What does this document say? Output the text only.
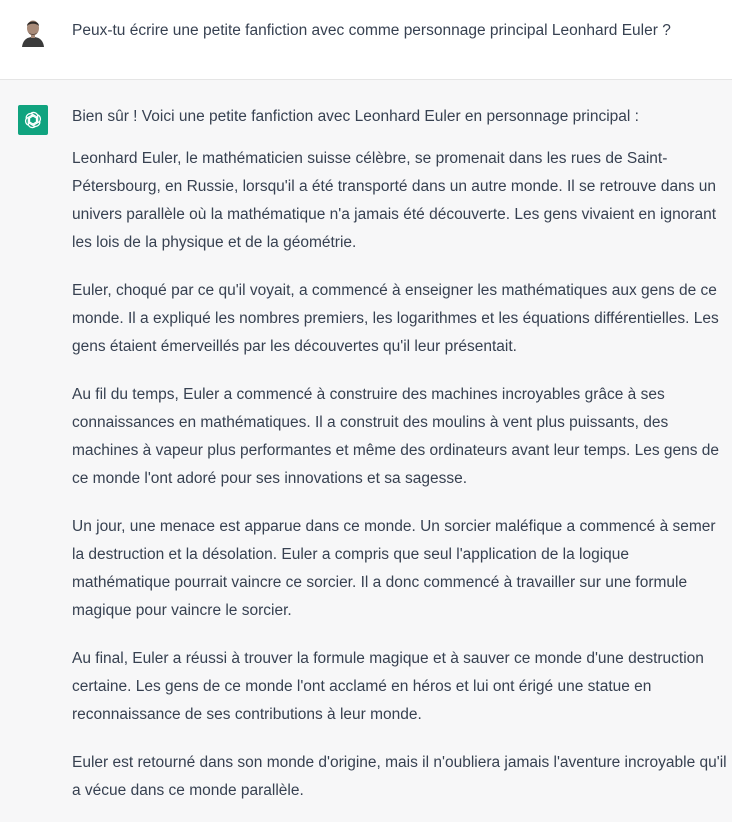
Peux-tu écrire une petite fanfiction avec comme personnage principal Leonhard Euler ?

Bien sûr ! Voici une petite fanfiction avec Leonhard Euler en personnage principal :

Leonhard Euler, le mathématicien suisse célèbre, se promenait dans les rues de Saint-Pétersbourg, en Russie, lorsqu'il a été transporté dans un autre monde. Il se retrouve dans un univers parallèle où la mathématique n'a jamais été découverte. Les gens vivaient en ignorant les lois de la physique et de la géométrie.

Euler, choqué par ce qu'il voyait, a commencé à enseigner les mathématiques aux gens de ce monde. Il a expliqué les nombres premiers, les logarithmes et les équations différentielles. Les gens étaient émerveillés par les découvertes qu'il leur présentait.

Au fil du temps, Euler a commencé à construire des machines incroyables grâce à ses connaissances en mathématiques. Il a construit des moulins à vent plus puissants, des machines à vapeur plus performantes et même des ordinateurs avant leur temps. Les gens de ce monde l'ont adoré pour ses innovations et sa sagesse.

Un jour, une menace est apparue dans ce monde. Un sorcier maléfique a commencé à semer la destruction et la désolation. Euler a compris que seul l'application de la logique mathématique pourrait vaincre ce sorcier. Il a donc commencé à travailler sur une formule magique pour vaincre le sorcier.

Au final, Euler a réussi à trouver la formule magique et à sauver ce monde d'une destruction certaine. Les gens de ce monde l'ont acclamé en héros et lui ont érigé une statue en reconnaissance de ses contributions à leur monde.

Euler est retourné dans son monde d'origine, mais il n'oubliera jamais l'aventure incroyable qu'il a vécue dans ce monde parallèle.
